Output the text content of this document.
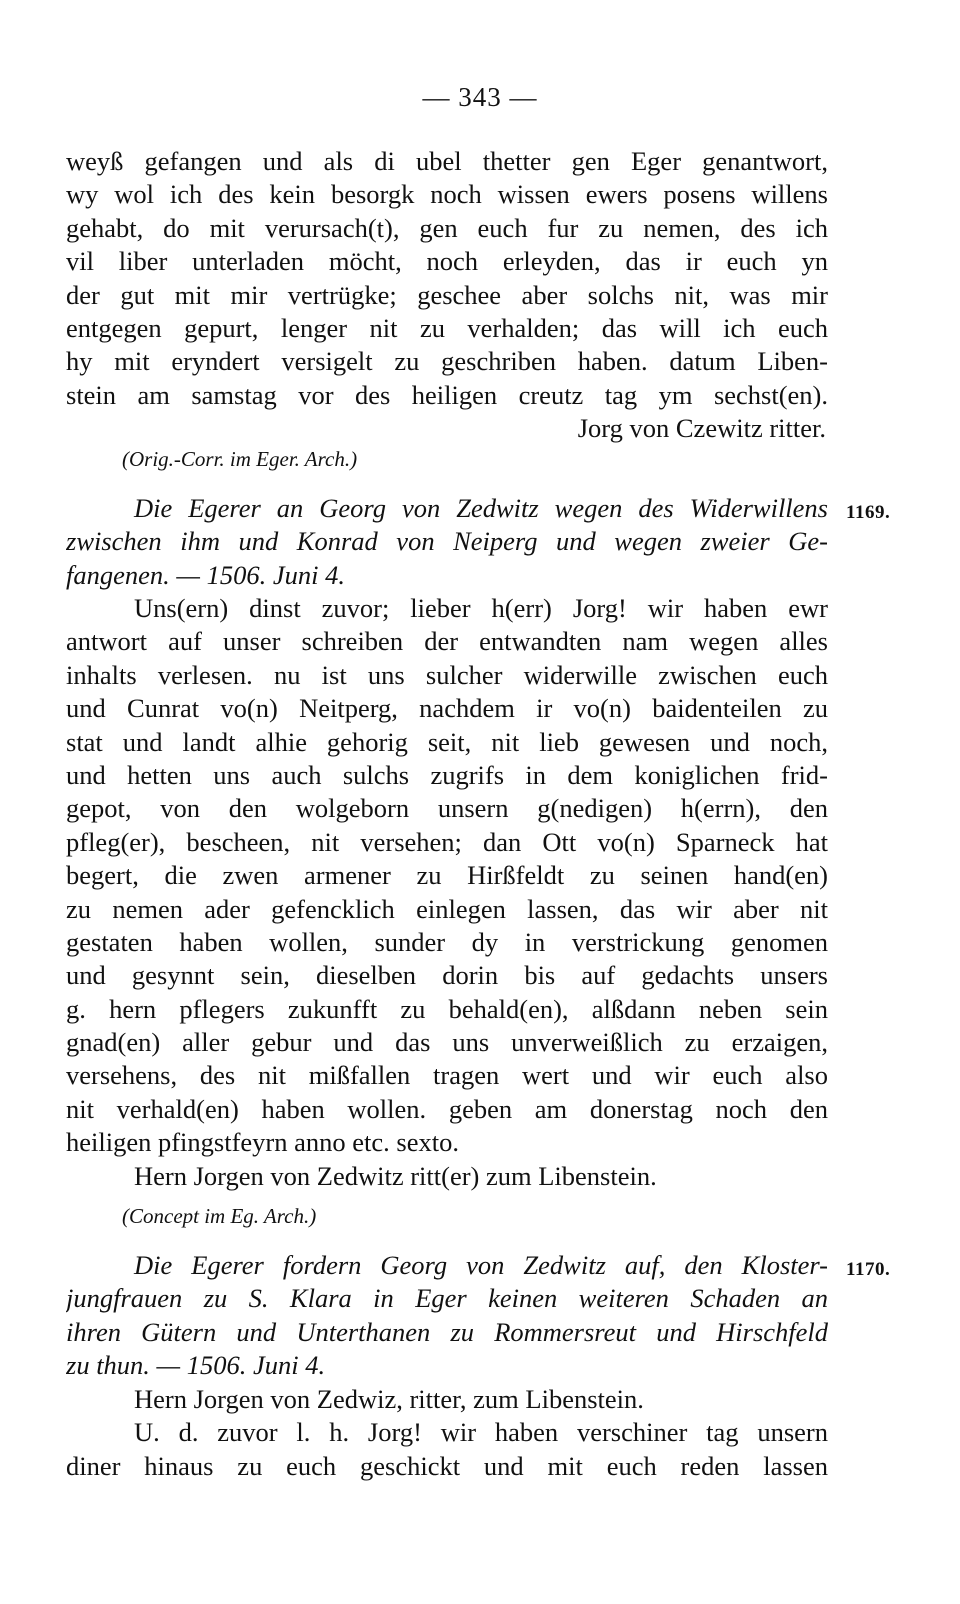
— 343 —
weyß gefangen und als di ubel thetter gen Eger genantwort,
wy wol ich des kein besorgk noch wissen ewers posens willens
gehabt, do mit verursach(t), gen euch fur zu nemen, des ich
vil liber unterladen möcht, noch erleyden, das ir euch yn
der gut mit mir vertrügke; geschee aber solchs nit, was mir
entgegen gepurt, lenger nit zu verhalden; das will ich euch
hy mit eryndert versigelt zu geschriben haben. datum Liben-
stein am samstag vor des heiligen creutz tag ym sechst(en).
Jorg von Czewitz ritter.
(Orig.-Corr. im Eger. Arch.)
1169.
Die Egerer an Georg von Zedwitz wegen des Widerwillens
zwischen ihm und Konrad von Neiperg und wegen zweier Ge-
fangenen. — 1506. Juni 4.
Uns(ern) dinst zuvor; lieber h(err) Jorg! wir haben ewr
antwort auf unser schreiben der entwandten nam wegen alles
inhalts verlesen. nu ist uns sulcher widerwille zwischen euch
und Cunrat vo(n) Neitperg, nachdem ir vo(n) baidenteilen zu
stat und landt alhie gehorig seit, nit lieb gewesen und noch,
und hetten uns auch sulchs zugrifs in dem koniglichen frid-
gepot, von den wolgeborn unsern g(nedigen) h(errn), den
pfleg(er), bescheen, nit versehen; dan Ott vo(n) Sparneck hat
begert, die zwen armener zu Hirßfeldt zu seinen hand(en)
zu nemen ader gefencklich einlegen lassen, das wir aber nit
gestaten haben wollen, sunder dy in verstrickung genomen
und gesynnt sein, dieselben dorin bis auf gedachts unsers
g. hern pflegers zukunfft zu behald(en), alßdann neben sein
gnad(en) aller gebur und das uns unverweißlich zu erzaigen,
versehens, des nit mißfallen tragen wert und wir euch also
nit verhald(en) haben wollen. geben am donerstag noch den
heiligen pfingstfeyrn anno etc. sexto.
Hern Jorgen von Zedwitz ritt(er) zum Libenstein.
(Concept im Eg. Arch.)
1170.
Die Egerer fordern Georg von Zedwitz auf, den Kloster-
jungfrauen zu S. Klara in Eger keinen weiteren Schaden an
ihren Gütern und Unterthanen zu Rommersreut und Hirschfeld
zu thun. — 1506. Juni 4.
Hern Jorgen von Zedwiz, ritter, zum Libenstein.
U. d. zuvor l. h. Jorg! wir haben verschiner tag unsern
diner hinaus zu euch geschickt und mit euch reden lassen
